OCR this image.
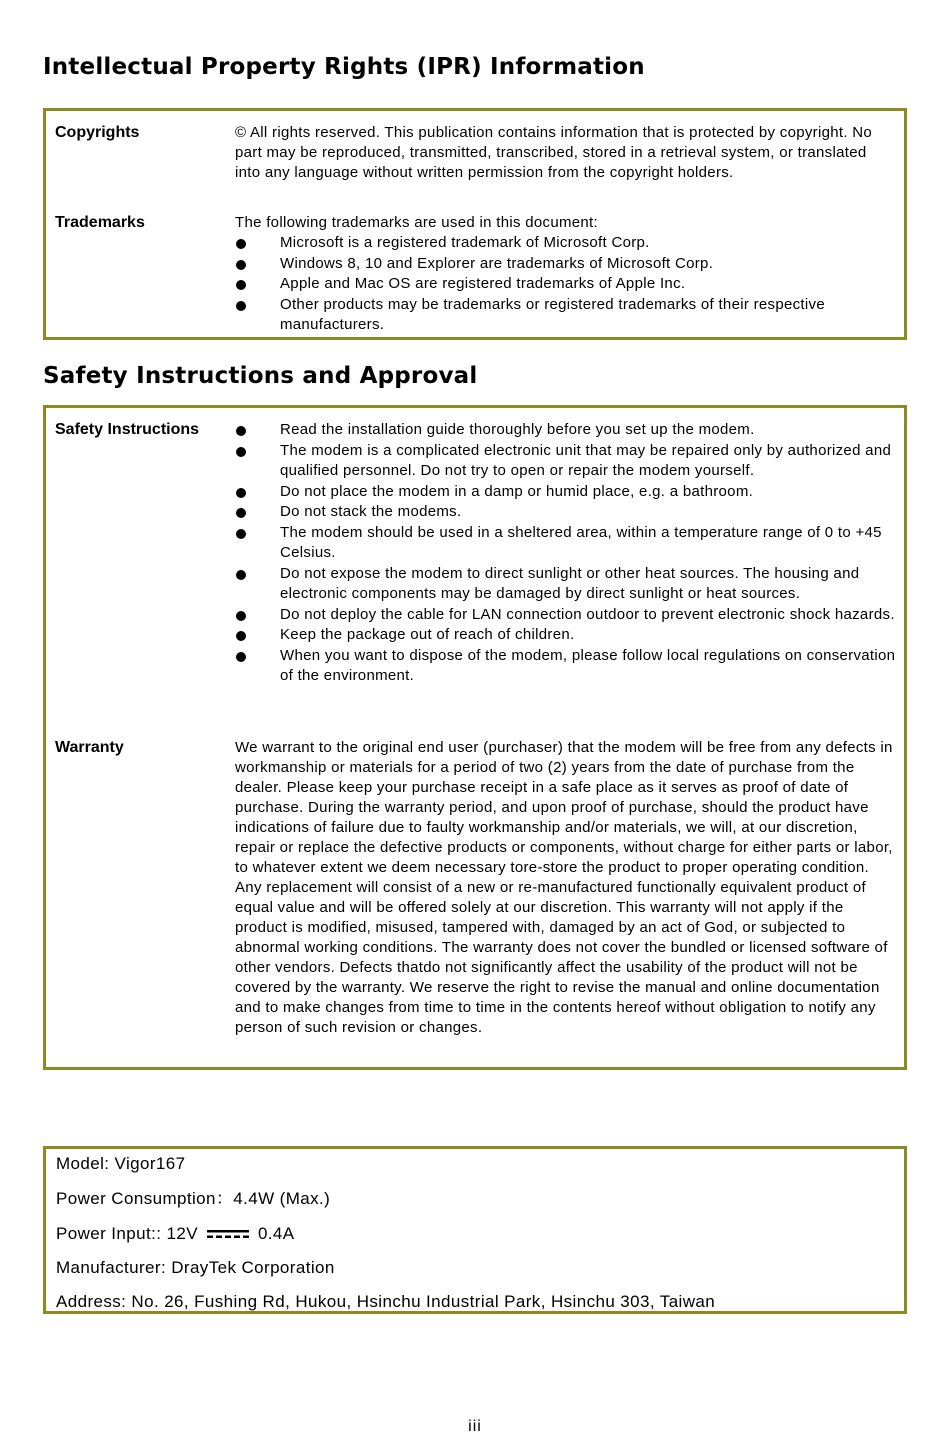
Intellectual Property Rights (IPR) Information
Copyrights	© All rights reserved. This publication contains information that is protected by copyright. No part may be reproduced, transmitted, transcribed, stored in a retrieval system, or translated into any language without written permission from the copyright holders.

Trademarks	The following trademarks are used in this document:

Microsoft is a registered trademark of Microsoft Corp.
Windows 8, 10 and Explorer are trademarks of Microsoft Corp.
Apple and Mac OS are registered trademarks of Apple Inc.
Other products may be trademarks or registered trademarks of their respective manufacturers.
Safety Instructions and Approval
Safety Instructions	Read the installation guide thoroughly before you set up the modem.
The modem is a complicated electronic unit that may be repaired only by authorized and qualified personnel. Do not try to open or repair the modem yourself.
Do not place the modem in a damp or humid place, e.g. a bathroom.
Do not stack the modems.
The modem should be used in a sheltered area, within a temperature range of 0 to +45 Celsius.
Do not expose the modem to direct sunlight or other heat sources. The housing and electronic components may be damaged by direct sunlight or heat sources.
Do not deploy the cable for LAN connection outdoor to prevent electronic shock hazards.
Keep the package out of reach of children.
When you want to dispose of the modem, please follow local regulations on conservation of the environment.
Warranty	We warrant to the original end user (purchaser) that the modem will be free from any defects in workmanship or materials for a period of two (2) years from the date of purchase from the dealer. Please keep your purchase receipt in a safe place as it serves as proof of date of purchase. During the warranty period, and upon proof of purchase, should the product have indications of failure due to faulty workmanship and/or materials, we will, at our discretion, repair or replace the defective products or components, without charge for either parts or labor, to whatever extent we deem necessary tore-store the product to proper operating condition. Any replacement will consist of a new or re-manufactured functionally equivalent product of equal value and will be offered solely at our discretion. This warranty will not apply if the product is modified, misused, tampered with, damaged by an act of God, or subjected to abnormal working conditions. The warranty does not cover the bundled or licensed software of other vendors. Defects thatdo not significantly affect the usability of the product will not be covered by the warranty. We reserve the right to revise the manual and online documentation and to make changes from time to time in the contents hereof without obligation to notify any person of such revision or changes.

Model: Vigor167
Power Consumption：4.4W (Max.)
Power Input:: 12V	0.4A
Manufacturer: DrayTek Corporation
Address: No. 26, Fushing Rd, Hukou, Hsinchu Industrial Park, Hsinchu 303, Taiwan
iii
